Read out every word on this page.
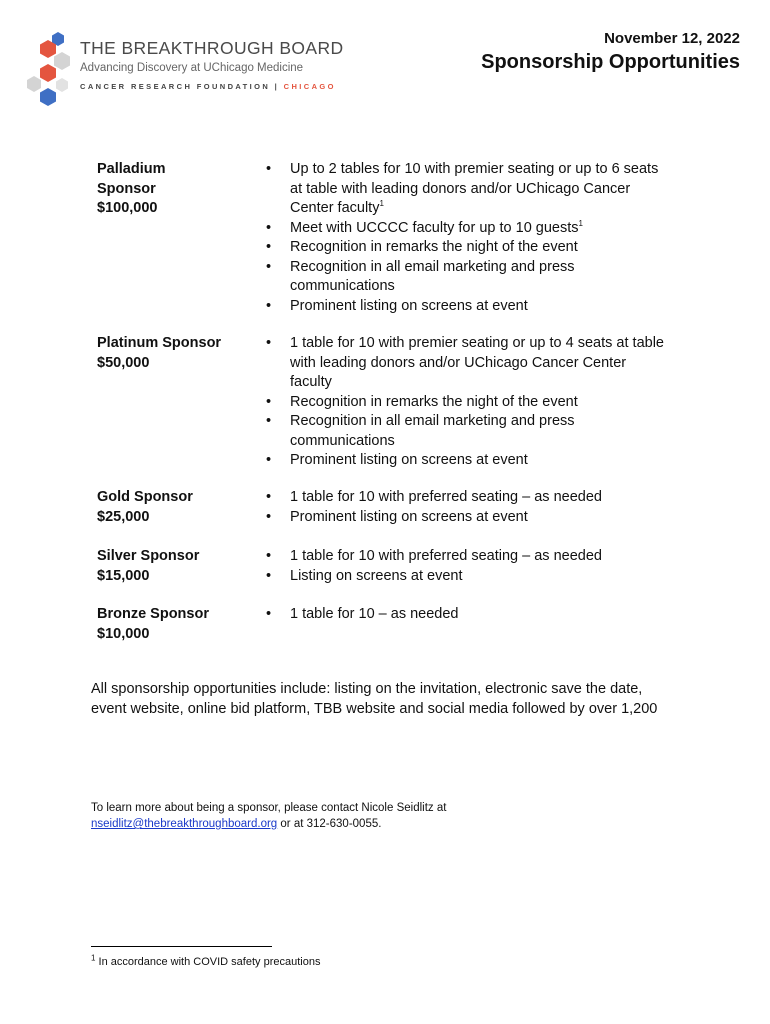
THE BREAKTHROUGH BOARD
Advancing Discovery at UChicago Medicine
CANCER RESEARCH FOUNDATION | CHICAGO
November 12, 2022
Sponsorship Opportunities
Palladium
Sponsor
$100,000
• Up to 2 tables for 10 with premier seating or up to 6 seats at table with leading donors and/or UChicago Cancer Center faculty$^1$
• Meet with UCCCC faculty for up to 10 guests$^1$
• Recognition in remarks the night of the event
• Recognition in all email marketing and press communications
• Prominent listing on screens at event
Platinum Sponsor
$50,000
• 1 table for 10 with premier seating or up to 4 seats at table with leading donors and/or UChicago Cancer Center faculty
• Recognition in remarks the night of the event
• Recognition in all email marketing and press communications
• Prominent listing on screens at event
Gold Sponsor
$25,000
• 1 table for 10 with preferred seating – as needed
• Prominent listing on screens at event
Silver Sponsor
$15,000
• 1 table for 10 with preferred seating – as needed
• Listing on screens at event
Bronze Sponsor
$10,000
• 1 table for 10 – as needed
All sponsorship opportunities include: listing on the invitation, electronic save the date, event website, online bid platform, TBB website and social media followed by over 1,200
To learn more about being a sponsor, please contact Nicole Seidlitz at
nseidlitz@thebreakthroughboard.org or at 312-630-0055.
$^1$ In accordance with COVID safety precautions
